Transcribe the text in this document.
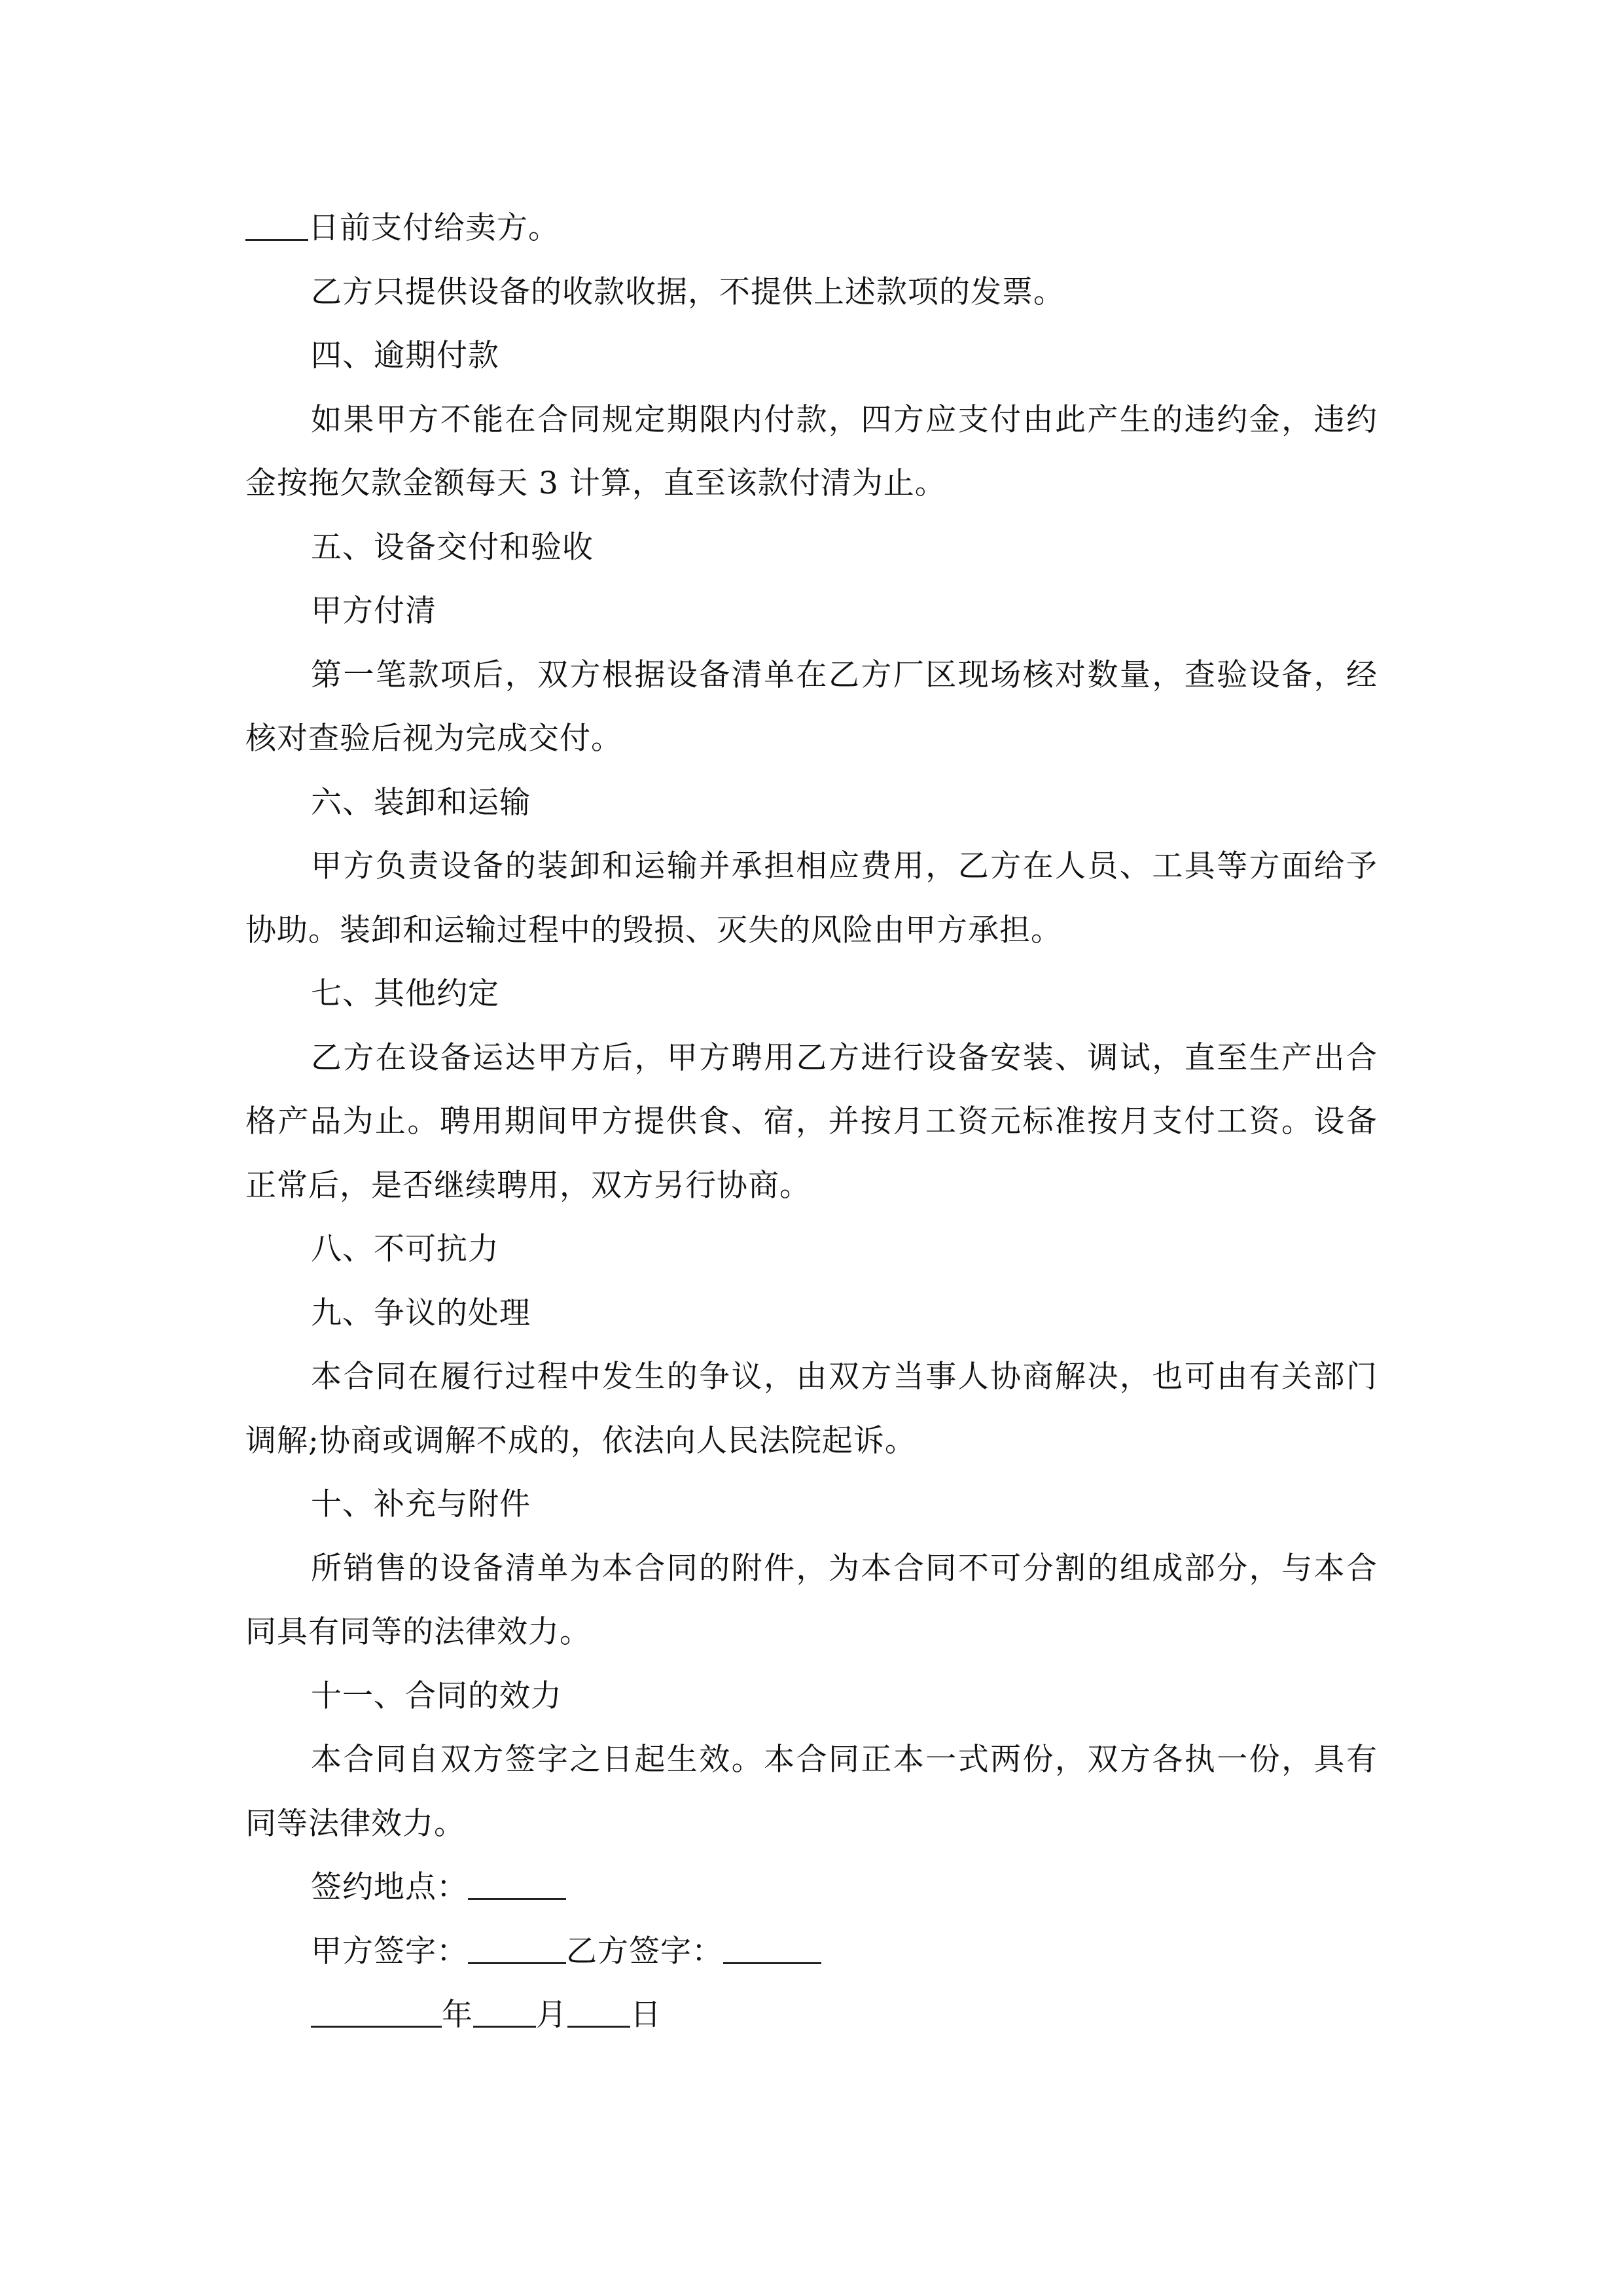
日前支付给卖方。
乙方只提供设备的收款收据，不提供上述款项的发票。
四、逾期付款
如果甲方不能在合同规定期限内付款，四方应支付由此产生的违约金，违约
金按拖欠款金额每天 3 计算，直至该款付清为止。
五、设备交付和验收
甲方付清
第一笔款项后，双方根据设备清单在乙方厂区现场核对数量，查验设备，经
核对查验后视为完成交付。
六、装卸和运输
甲方负责设备的装卸和运输并承担相应费用，乙方在人员、工具等方面给予
协助。装卸和运输过程中的毁损、灭失的风险由甲方承担。
七、其他约定
乙方在设备运达甲方后，甲方聘用乙方进行设备安装、调试，直至生产出合
格产品为止。聘用期间甲方提供食、宿，并按月工资元标准按月支付工资。设备
正常后，是否继续聘用，双方另行协商。
八、不可抗力
九、争议的处理
本合同在履行过程中发生的争议，由双方当事人协商解决，也可由有关部门
调解;协商或调解不成的，依法向人民法院起诉。
十、补充与附件
所销售的设备清单为本合同的附件，为本合同不可分割的组成部分，与本合
同具有同等的法律效力。
十一、合同的效力
本合同自双方签字之日起生效。本合同正本一式两份，双方各执一份，具有
同等法律效力。
签约地点：
甲方签字：	乙方签字：
年 月 日
